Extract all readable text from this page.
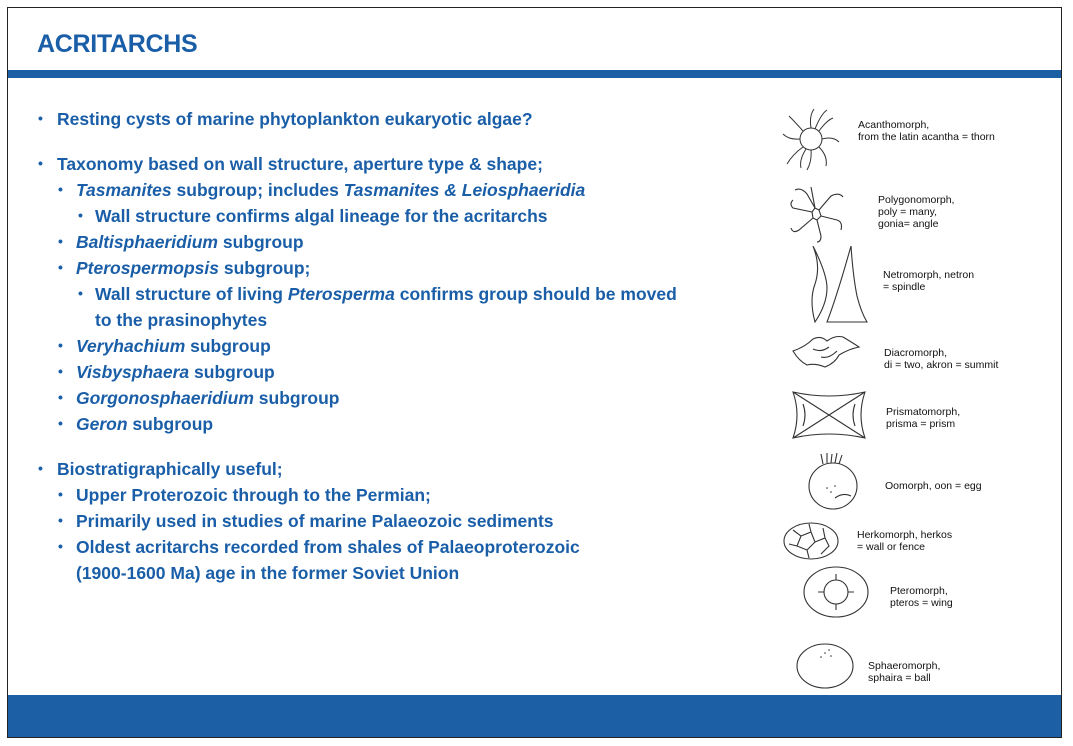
ACRITARCHS
• Resting cysts of marine phytoplankton eukaryotic algae?
• Taxonomy based on wall structure, aperture type & shape;
• Tasmanites subgroup; includes Tasmanites & Leiosphaeridia
• Wall structure confirms algal lineage for the acritarchs
• Baltisphaeridium subgroup
• Pterospermopsis subgroup;
• Wall structure of living Pterosperma confirms group should be moved to the prasinophytes
• Veryhachium subgroup
• Visbysphaera subgroup
• Gorgonosphaeridium subgroup
• Geron subgroup
• Biostratigraphically useful;
• Upper Proterozoic through to the Permian;
• Primarily used in studies of marine Palaeozoic sediments
• Oldest acritarchs recorded from shales of Palaeoproterozoic
(1900-1600 Ma) age in the former Soviet Union
Acanthomorph,
from the latin acantha = thorn
Polygonomorph,
poly = many,
gonia= angle
Netromorph, netron
= spindle
Diacromorph,
di = two, akron = summit
Prismatomorph,
prisma = prism
Oomorph, oon = egg
Herkomorph, herkos
= wall or fence
Pteromorph,
pteros = wing
Sphaeromorph,
sphaira = ball
